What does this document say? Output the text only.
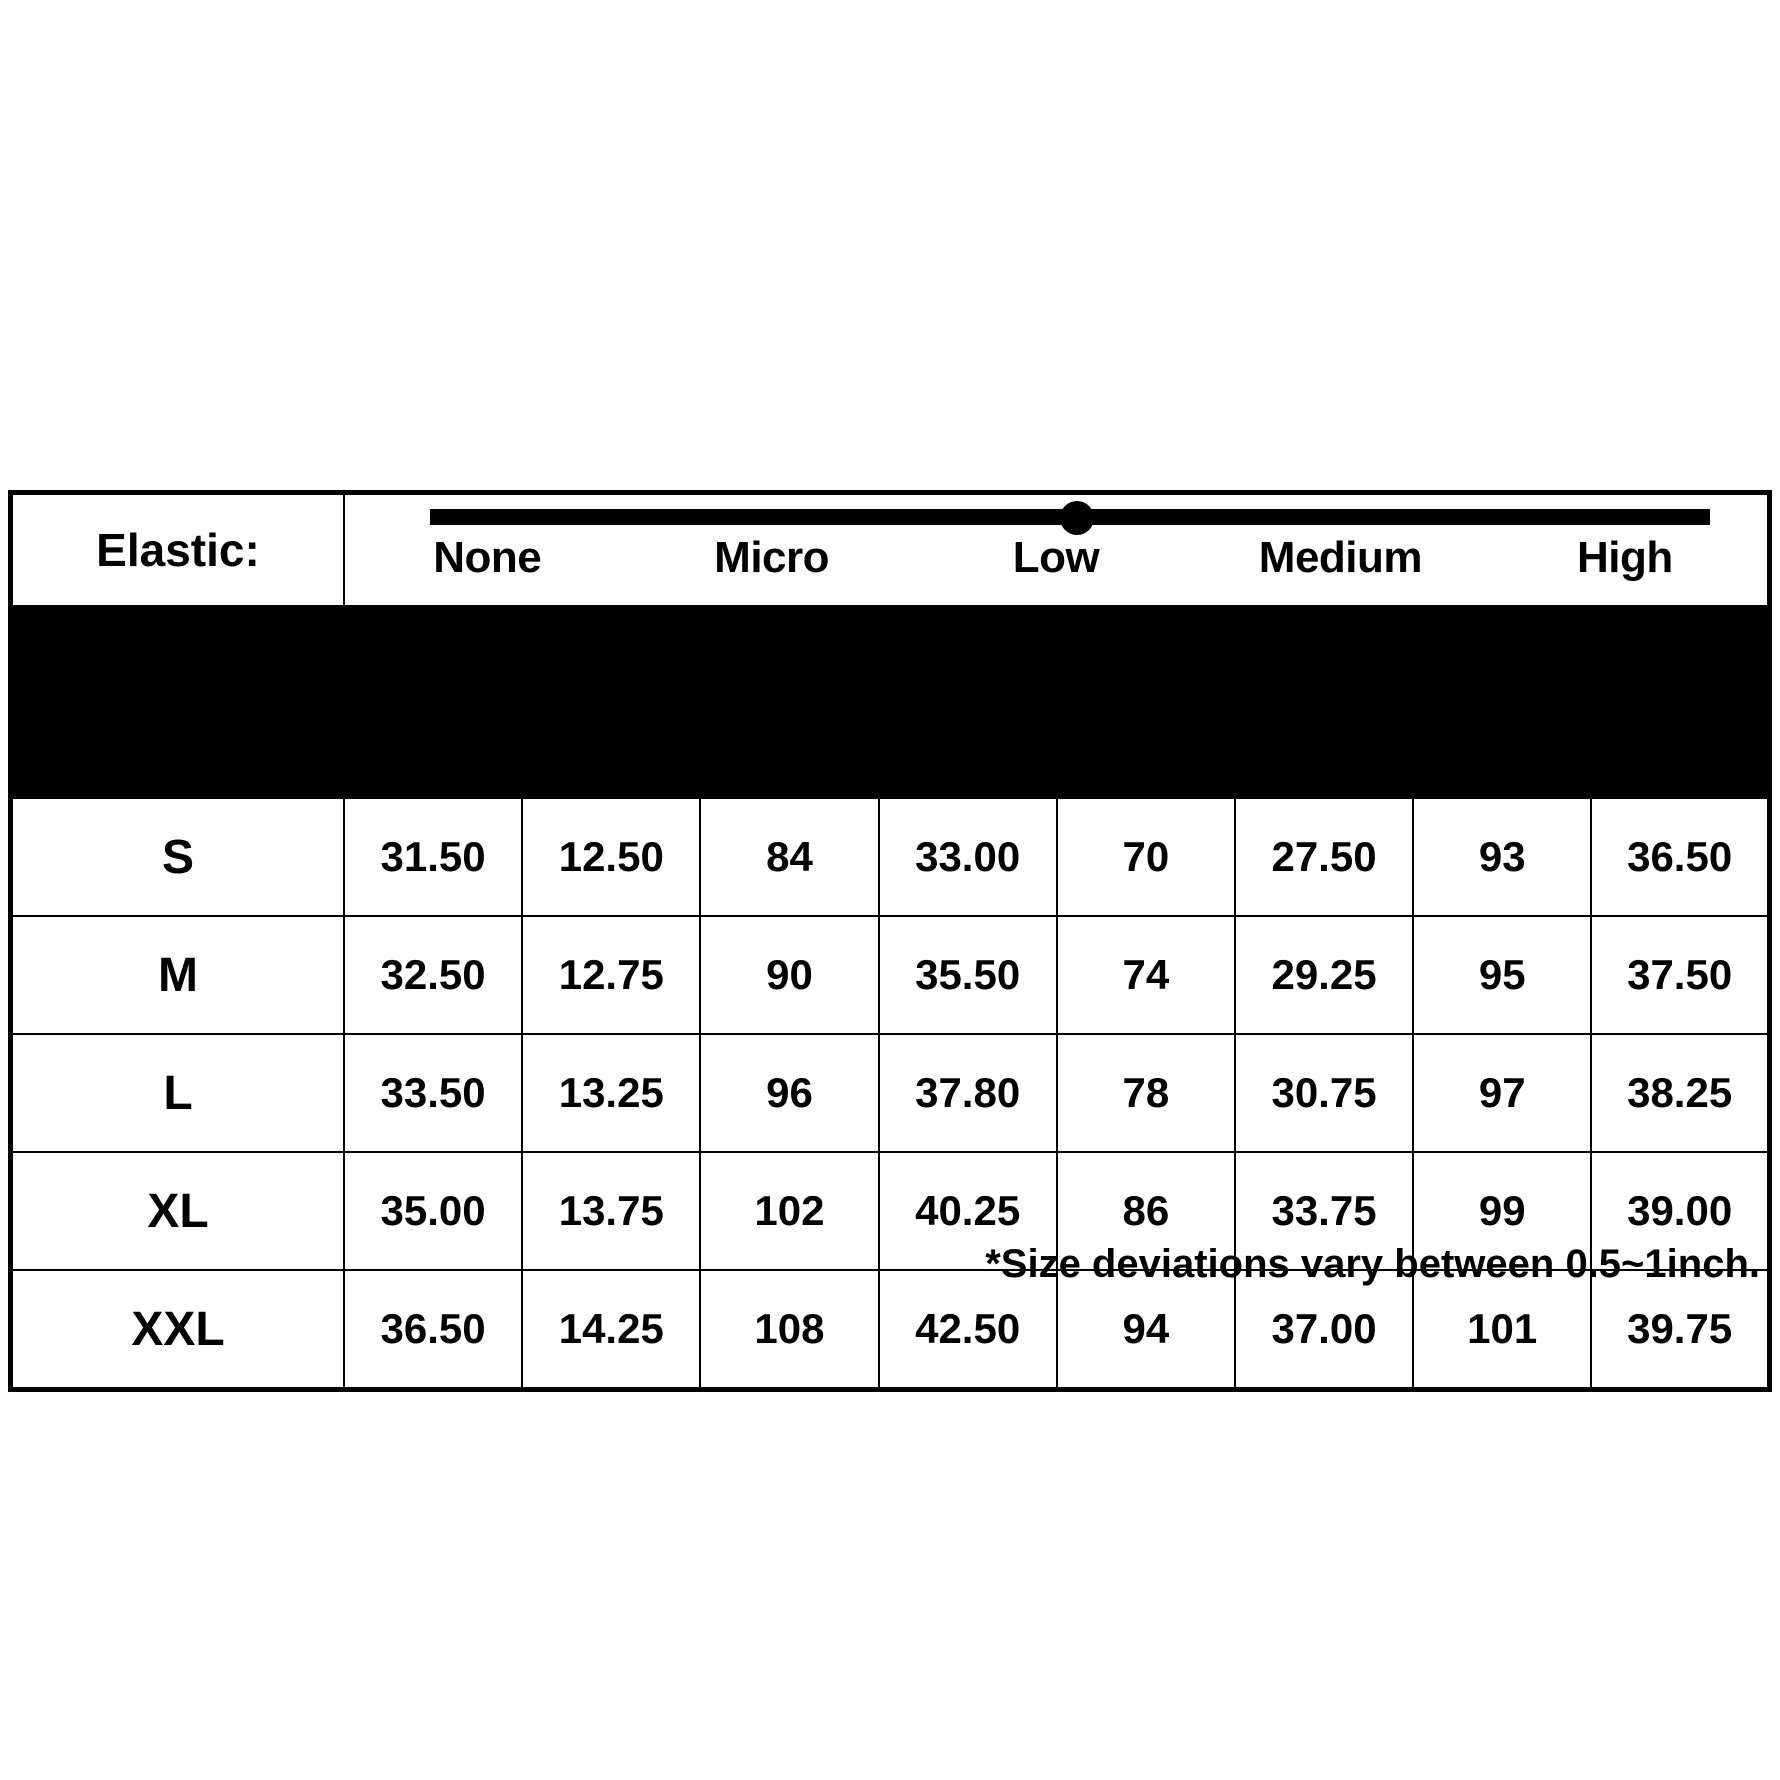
Elastic:	None Micro Low Medium High							

Size	Shoulder		Bust		Waist		Length	
	cm	inch	cm	inch	cm	inch	cm	inch
S	31.50	12.50	84	33.00	70	27.50	93	36.50
M	32.50	12.75	90	35.50	74	29.25	95	37.50
L	33.50	13.25	96	37.80	78	30.75	97	38.25
XL	35.00	13.75	102	40.25	86	33.75	99	39.00
XXL	36.50	14.25	108	42.50	94	37.00	101	39.75
*Size deviations vary between 0.5~1inch.
